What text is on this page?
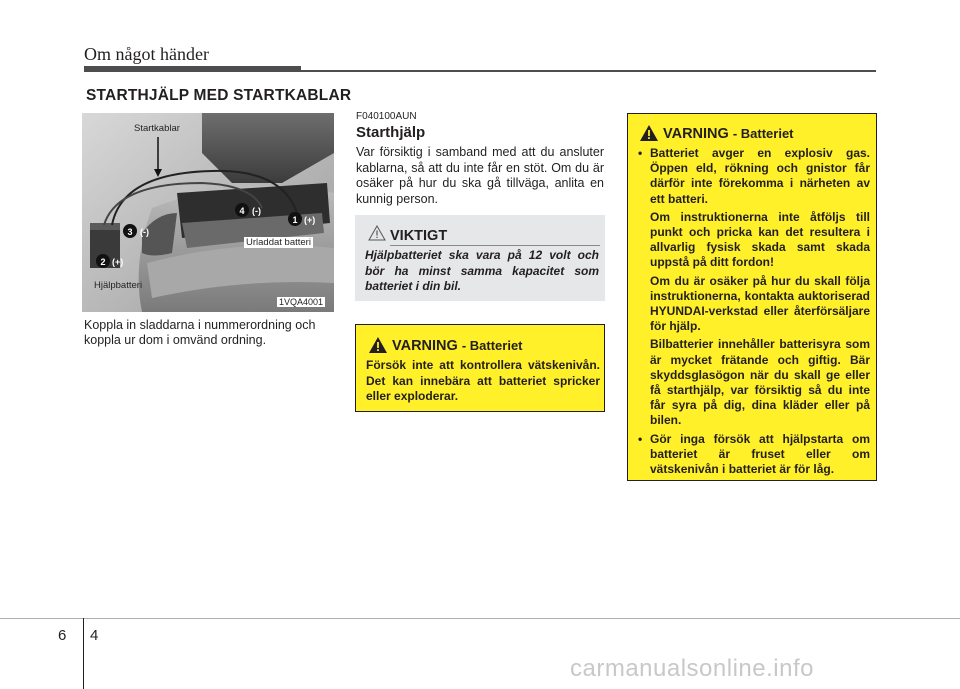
Om något händer
STARTHJÄLP MED STARTKABLAR
1 (+)
2 (+)
3 (-)
4 (-)
Startkablar
Urladdat batteri
Hjälpbatteri
1VQA4001
Koppla in sladdarna i nummerordning och koppla ur dom i omvänd ordning.
F040100AUN
Starthjälp
Var försiktig i samband med att du ansluter kablarna, så att du inte får en stöt. Om du är osäker på hur du ska gå tillväga, anlita en kunnig person.
VIKTIGT
Hjälpbatteriet ska vara på 12 volt och bör ha minst samma kapacitet som batteriet i din bil.
VARNING - Batteriet
Försök inte att kontrollera vätskenivån. Det kan innebära att batteriet spricker eller exploderar.
VARNING - Batteriet
• Batteriet avger en explosiv gas. Öppen eld, rökning och gnistor får därför inte förekomma i närheten av ett batteri.

Om instruktionerna inte åtföljs till punkt och pricka kan det resultera i allvarlig fysisk skada samt skada uppstå på ditt fordon!

Om du är osäker på hur du skall följa instruktionerna, kontakta auktoriserad HYUNDAI-verkstad eller återförsäljare för hjälp.

Bilbatterier innehåller batterisyra som är mycket frätande och giftig. Bär skyddsglasögon när du skall ge eller få starthjälp, var försiktig så du inte får syra på dig, dina kläder eller på bilen.

• Gör inga försök att hjälpstarta om batteriet är fruset eller om vätskenivån i batteriet är för låg.
6 4
carmanualsonline.info
